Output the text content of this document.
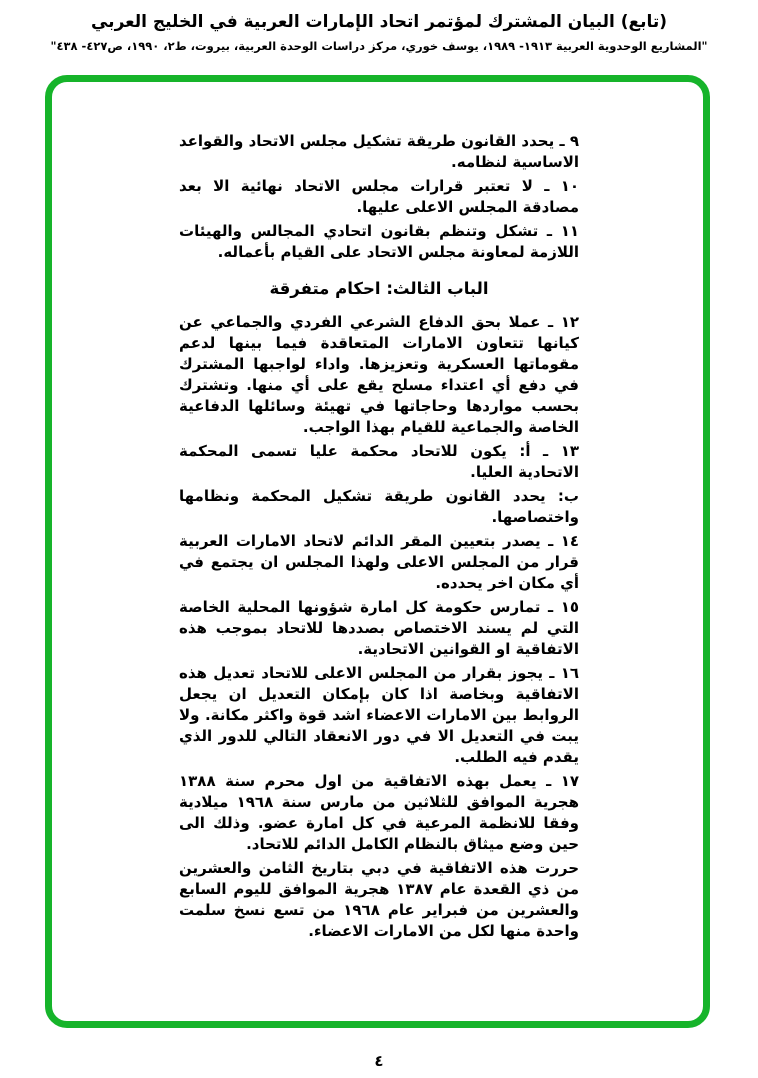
(تابع) البيان المشترك لمؤتمر اتحاد الإمارات العربية في الخليج العربي
"المشاريع الوحدوية العربية ١٩١٣- ١٩٨٩، يوسف خوري، مركز دراسات الوحدة العربية، بيروت، ط٢، ١٩٩٠، ص٤٢٧- ٤٣٨"

٩ ـ يحدد القانون طريقة تشكيل مجلس الاتحاد والقواعد الاساسية لنظامه.

١٠ ـ لا تعتبر قرارات مجلس الاتحاد نهائية الا بعد مصادقة المجلس الاعلى عليها.

١١ ـ تشكل وتنظم بقانون اتحادي المجالس والهيئات اللازمة لمعاونة مجلس الاتحاد على القيام بأعماله.

الباب الثالث: احكام متفرقة

١٢ ـ عملا بحق الدفاع الشرعي الفردي والجماعي عن كيانها تتعاون الامارات المتعاقدة فيما بينها لدعم مقوماتها العسكرية وتعزيزها. واداء لواجبها المشترك في دفع أي اعتداء مسلح يقع على أي منها. وتشترك بحسب مواردها وحاجاتها في تهيئة وسائلها الدفاعية الخاصة والجماعية للقيام بهذا الواجب.

١٣ ـ أ: يكون للاتحاد محكمة عليا تسمى المحكمة الاتحادية العليا.

ب: يحدد القانون طريقة تشكيل المحكمة ونظامها واختصاصها.

١٤ ـ يصدر بتعيين المقر الدائم لاتحاد الامارات العربية قرار من المجلس الاعلى ولهذا المجلس ان يجتمع في أي مكان اخر يحدده.

١٥ ـ تمارس حكومة كل امارة شؤونها المحلية الخاصة التي لم يسند الاختصاص بصددها للاتحاد بموجب هذه الاتفاقية او القوانين الاتحادية.

١٦ ـ يجوز بقرار من المجلس الاعلى للاتحاد تعديل هذه الاتفاقية وبخاصة اذا كان بإمكان التعديل ان يجعل الروابط بين الامارات الاعضاء اشد قوة واكثر مكانة. ولا يبت في التعديل الا في دور الانعقاد التالي للدور الذي يقدم فيه الطلب.

١٧ ـ يعمل بهذه الاتفاقية من اول محرم سنة ١٣٨٨ هجرية الموافق للثلاثين من مارس سنة ١٩٦٨ ميلادية وفقا للانظمة المرعية في كل امارة عضو. وذلك الى حين وضع ميثاق بالنظام الكامل الدائم للاتحاد.

حررت هذه الاتفاقية في دبي بتاريخ الثامن والعشرين من ذي القعدة عام ١٣٨٧ هجرية الموافق لليوم السابع والعشرين من فبراير عام ١٩٦٨ من تسع نسخ سلمت واحدة منها لكل من الامارات الاعضاء.

٤
